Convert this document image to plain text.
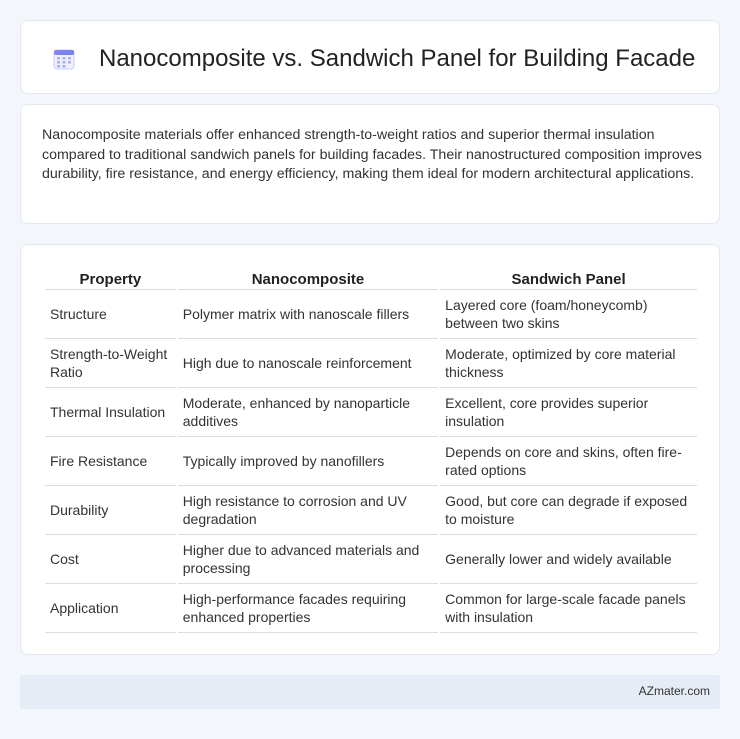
Nanocomposite vs. Sandwich Panel for Building Facade

Nanocomposite materials offer enhanced strength-to-weight ratios and superior thermal insulation compared to traditional sandwich panels for building facades. Their nanostructured composition improves durability, fire resistance, and energy efficiency, making them ideal for modern architectural applications.

Property	Nanocomposite	Sandwich Panel
Structure	Polymer matrix with nanoscale fillers	Layered core (foam/honeycomb) between two skins
Strength-to-Weight Ratio	High due to nanoscale reinforcement	Moderate, optimized by core material thickness
Thermal Insulation	Moderate, enhanced by nanoparticle additives	Excellent, core provides superior insulation
Fire Resistance	Typically improved by nanofillers	Depends on core and skins, often fire-rated options
Durability	High resistance to corrosion and UV degradation	Good, but core can degrade if exposed to moisture
Cost	Higher due to advanced materials and processing	Generally lower and widely available
Application	High-performance facades requiring enhanced properties	Common for large-scale facade panels with insulation
AZmater.com
